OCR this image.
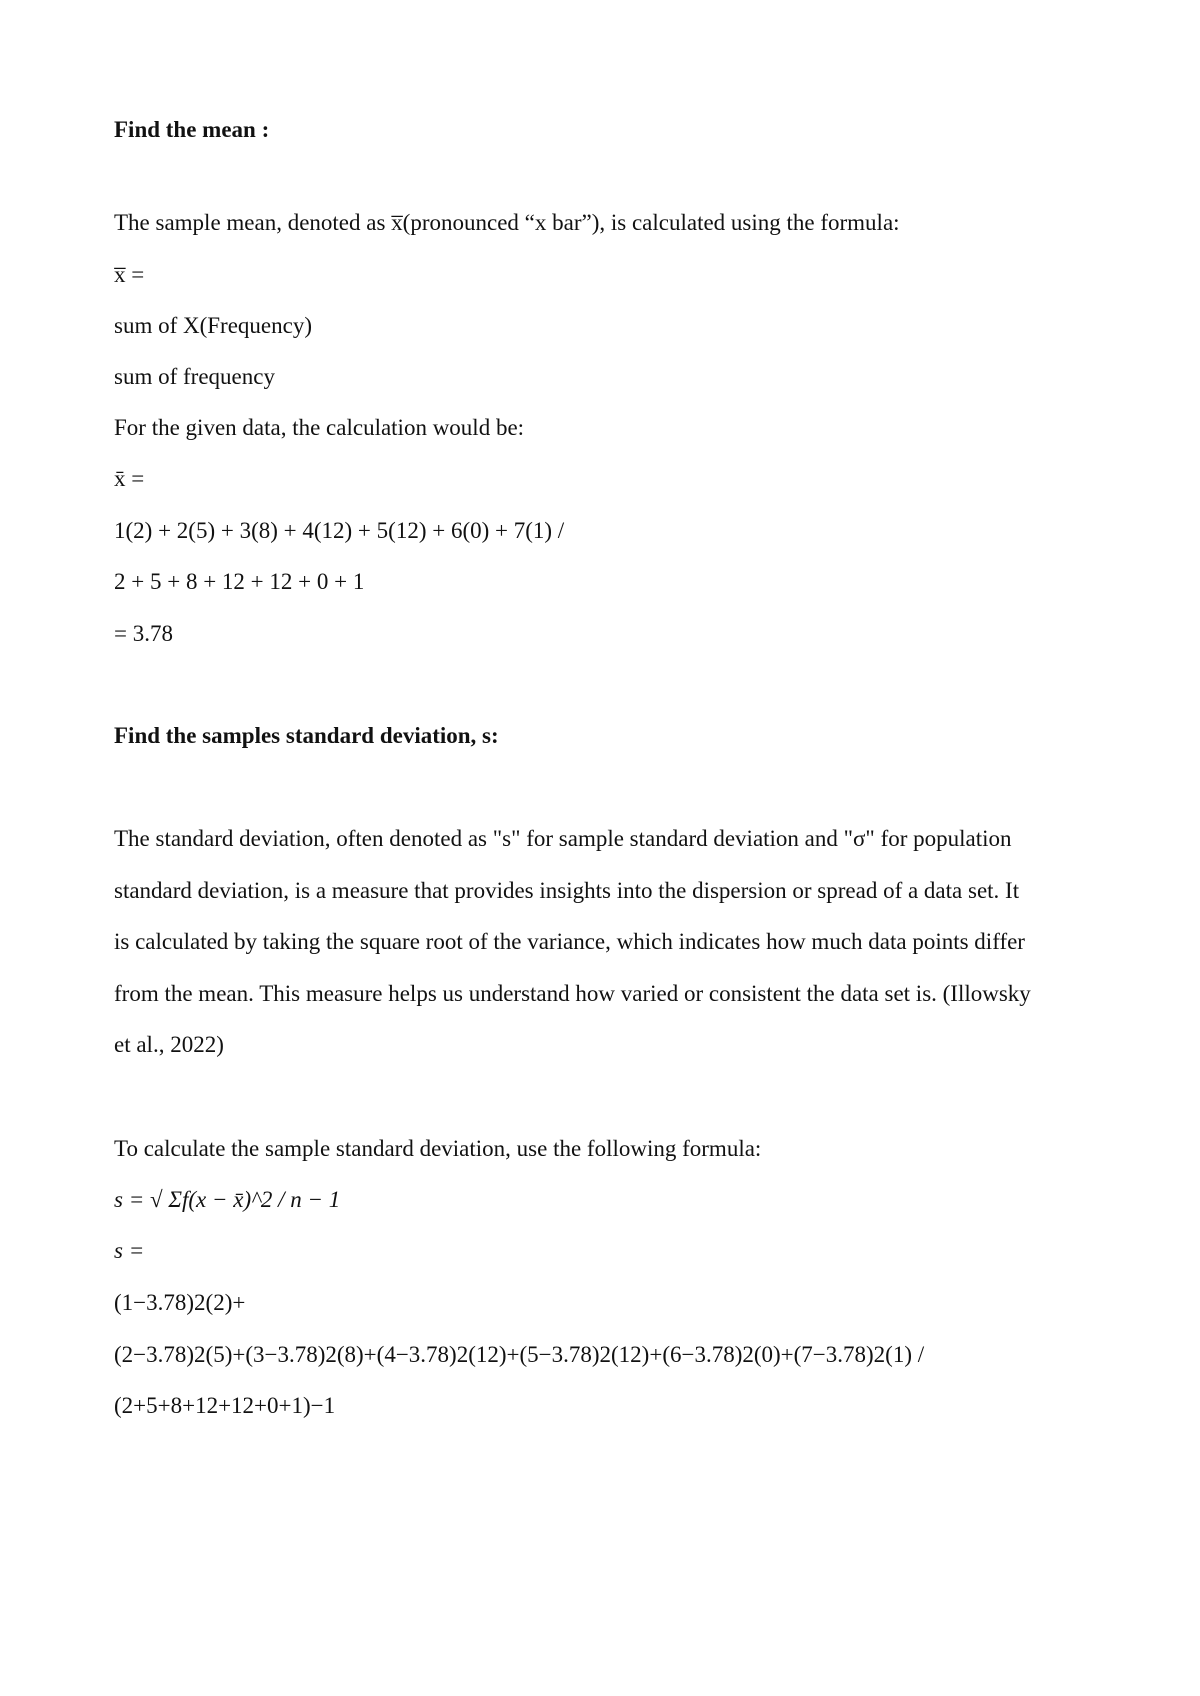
Find the mean :
The sample mean, denoted as x̅(pronounced “x bar”), is calculated using the formula:
x̅ =
sum of X(Frequency)
sum of frequency
For the given data, the calculation would be:
x̄ =
1(2) + 2(5) + 3(8) + 4(12) + 5(12) + 6(0) + 7(1) /
2 + 5 + 8 + 12 + 12 + 0 + 1
= 3.78
Find the samples standard deviation, s:
The standard deviation, often denoted as "s" for sample standard deviation and "σ" for population
standard deviation, is a measure that provides insights into the dispersion or spread of a data set. It
is calculated by taking the square root of the variance, which indicates how much data points differ
from the mean. This measure helps us understand how varied or consistent the data set is. (Illowsky
et al., 2022)
To calculate the sample standard deviation, use the following formula:
s = √ Σf(x − x̄)^2 / n − 1
s =
(1−3.78)2(2)+
(2−3.78)2(5)+(3−3.78)2(8)+(4−3.78)2(12)+(5−3.78)2(12)+(6−3.78)2(0)+(7−3.78)2(1) /
(2+5+8+12+12+0+1)−1
